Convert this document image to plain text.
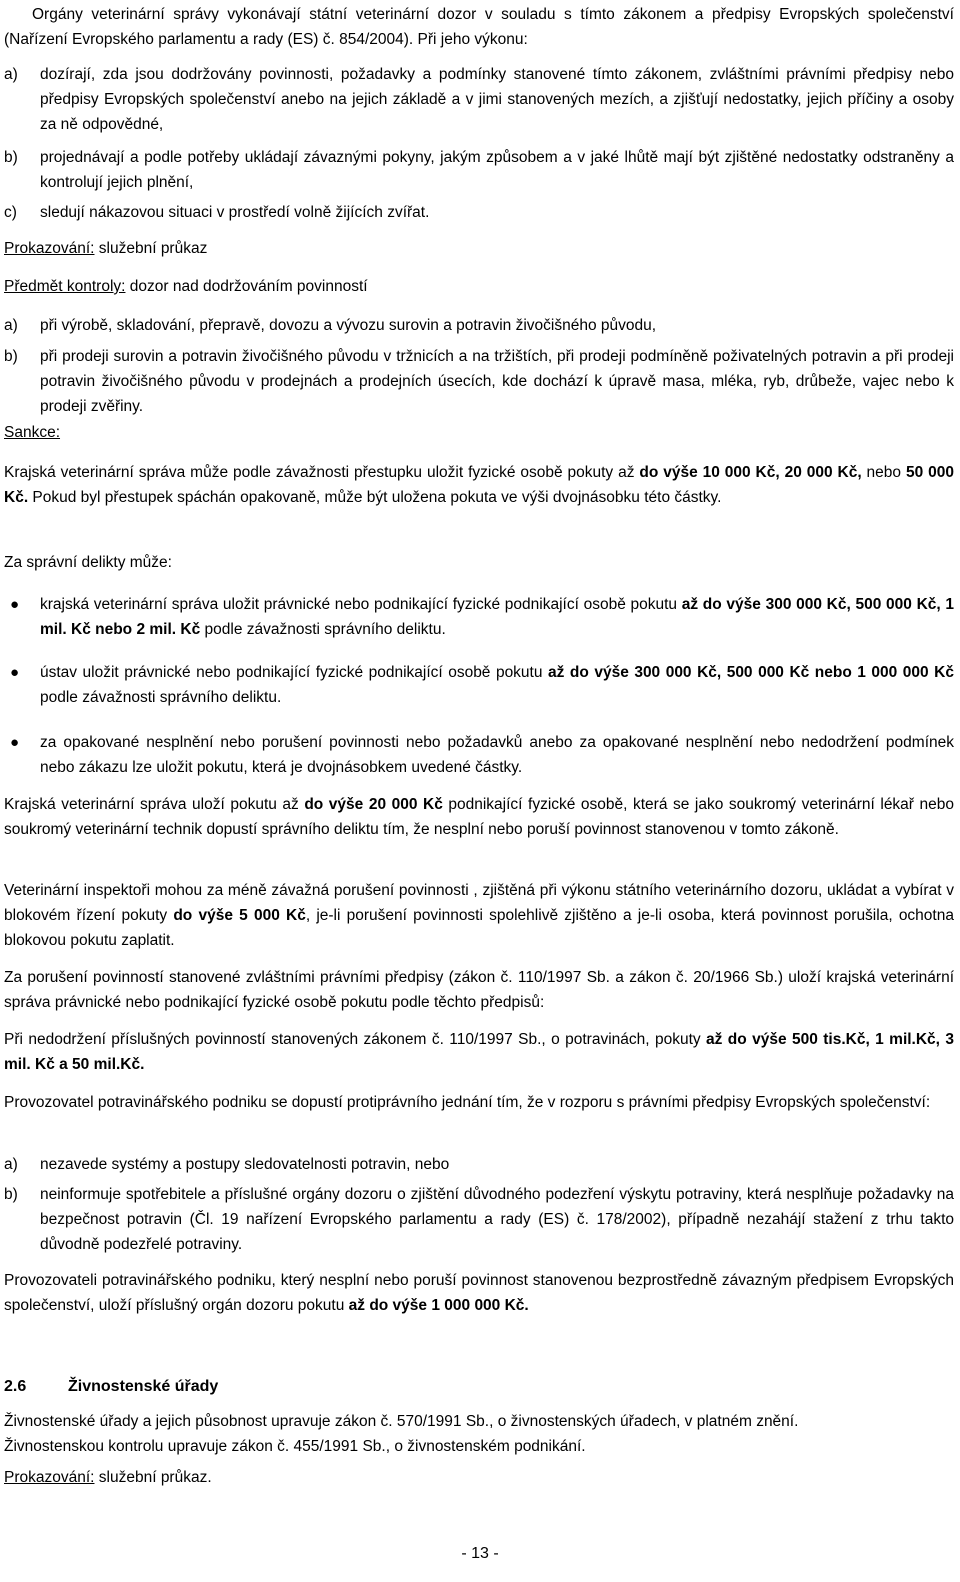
Orgány veterinární správy vykonávají státní veterinární dozor v souladu s tímto zákonem a předpisy Evropských společenství (Nařízení Evropského parlamentu a rady (ES) č. 854/2004). Při jeho výkonu:

a)	dozírají, zda jsou dodržovány povinnosti, požadavky a podmínky stanovené tímto zákonem, zvláštními právními předpisy nebo předpisy Evropských společenství anebo na jejich základě a v jimi stanovených mezích, a zjišťují nedostatky, jejich příčiny a osoby za ně odpovědné,
b)	projednávají a podle potřeby ukládají závaznými pokyny, jakým způsobem a v jaké lhůtě mají být zjištěné nedostatky odstraněny a kontrolují jejich plnění,
c)	sledují nákazovou situaci v prostředí volně žijících zvířat.

Prokazování: služební průkaz

Předmět kontroly: dozor nad dodržováním povinností

a)	při výrobě, skladování, přepravě, dovozu a vývozu surovin a potravin živočišného původu,
b)	při prodeji surovin a potravin živočišného původu v tržnicích a na tržištích, při prodeji podmíněně poživatelných potravin a při prodeji potravin živočišného původu v prodejnách a prodejních úsecích, kde dochází k úpravě masa, mléka, ryb, drůbeže, vajec nebo k prodeji zvěřiny.

Sankce:

Krajská veterinární správa může podle závažnosti přestupku uložit fyzické osobě pokuty až do výše 10 000 Kč, 20 000 Kč, nebo 50 000 Kč. Pokud byl přestupek spáchán opakovaně, může být uložena pokuta ve výši dvojnásobku této částky.

Za správní delikty může:

●	krajská veterinární správa uložit právnické nebo podnikající fyzické podnikající osobě pokutu až do výše 300 000 Kč, 500 000 Kč, 1 mil. Kč nebo 2 mil. Kč podle závažnosti správního deliktu.
●	ústav uložit právnické nebo podnikající fyzické podnikající osobě pokutu až do výše 300 000 Kč, 500 000 Kč nebo 1 000 000 Kč podle závažnosti správního deliktu.
●	za opakované nesplnění nebo porušení povinnosti nebo požadavků anebo za opakované nesplnění nebo nedodržení podmínek nebo zákazu lze uložit pokutu, která je dvojnásobkem uvedené částky.

Krajská veterinární správa uloží pokutu až do výše 20 000 Kč podnikající fyzické osobě, která se jako soukromý veterinární lékař nebo soukromý veterinární technik dopustí správního deliktu tím, že nesplní nebo poruší povinnost stanovenou v tomto zákoně.

Veterinární inspektoři mohou za méně závažná porušení povinnosti , zjištěná při výkonu státního veterinárního dozoru, ukládat a vybírat v blokovém řízení pokuty do výše 5 000 Kč, je-li porušení povinnosti spolehlivě zjištěno a je-li osoba, která povinnost porušila, ochotna blokovou pokutu zaplatit.

Za porušení povinností stanovené zvláštními právními předpisy (zákon č. 110/1997 Sb. a zákon č. 20/1966 Sb.) uloží krajská veterinární správa právnické nebo podnikající fyzické osobě pokutu podle těchto předpisů:

Při nedodržení příslušných povinností stanovených zákonem č. 110/1997 Sb., o potravinách, pokuty až do výše 500 tis.Kč, 1 mil.Kč, 3 mil. Kč a 50 mil.Kč.

Provozovatel potravinářského podniku se dopustí protiprávního jednání tím, že v rozporu s právními předpisy Evropských společenství:

a)	nezavede systémy a postupy sledovatelnosti potravin, nebo
b)	neinformuje spotřebitele a příslušné orgány dozoru o zjištění důvodného podezření výskytu potraviny, která nesplňuje požadavky na bezpečnost potravin (Čl. 19 nařízení Evropského parlamentu a rady (ES) č. 178/2002), případně nezahájí stažení z trhu takto důvodně podezřelé potraviny.

Provozovateli potravinářského podniku, který nesplní nebo poruší povinnost stanovenou bezprostředně závazným předpisem Evropských společenství, uloží příslušný orgán dozoru pokutu až do výše 1 000 000 Kč.

2.6	Živnostenské úřady

Živnostenské úřady a jejich působnost upravuje zákon č. 570/1991 Sb., o živnostenských úřadech, v platném znění.

Živnostenskou kontrolu upravuje zákon č. 455/1991 Sb., o živnostenském podnikání.

Prokazování: služební průkaz.

- 13 -
